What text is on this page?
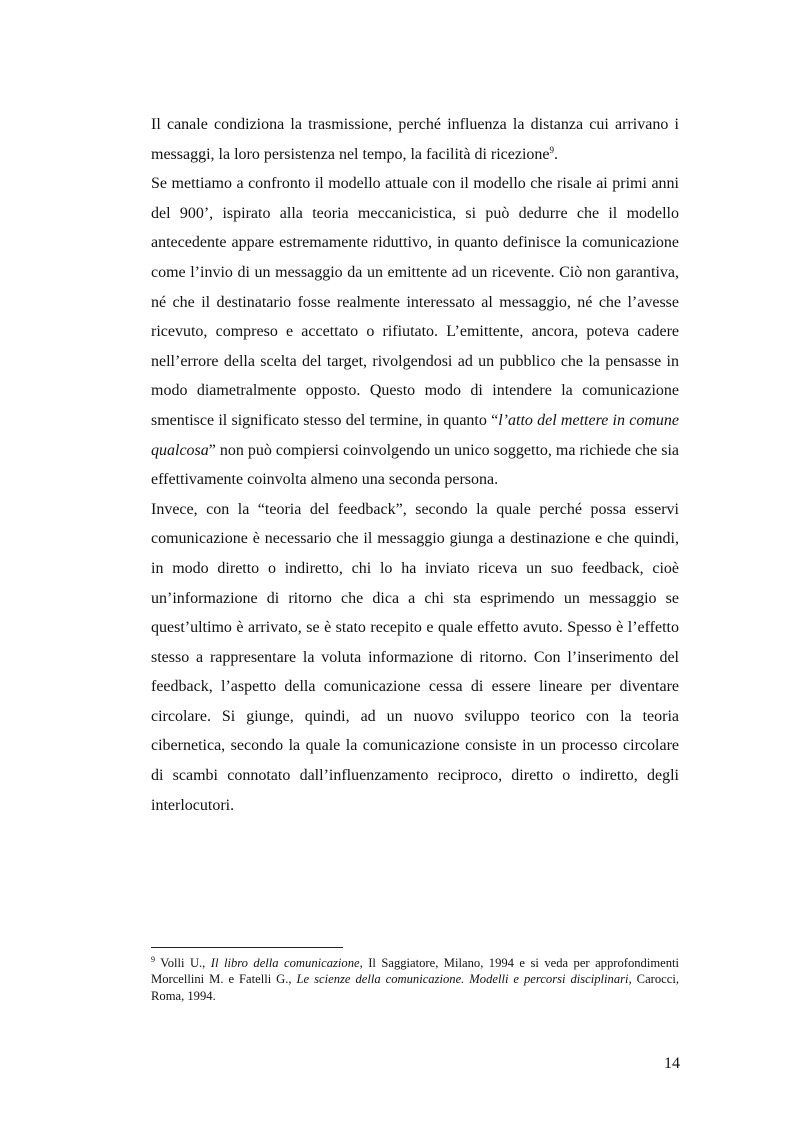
Il canale condiziona la trasmissione, perché influenza la distanza cui arrivano i messaggi, la loro persistenza nel tempo, la facilità di ricezione$^9$.

Se mettiamo a confronto il modello attuale con il modello che risale ai primi anni del 900’, ispirato alla teoria meccanicistica, si può dedurre che il modello antecedente appare estremamente riduttivo, in quanto definisce la comunicazione come l’invio di un messaggio da un emittente ad un ricevente. Ciò non garantiva, né che il destinatario fosse realmente interessato al messaggio, né che l’avesse ricevuto, compreso e accettato o rifiutato. L’emittente, ancora, poteva cadere nell’errore della scelta del target, rivolgendosi ad un pubblico che la pensasse in modo diametralmente opposto. Questo modo di intendere la comunicazione smentisce il significato stesso del termine, in quanto “l’atto del mettere in comune qualcosa” non può compiersi coinvolgendo un unico soggetto, ma richiede che sia effettivamente coinvolta almeno una seconda persona.

Invece, con la “teoria del feedback”, secondo la quale perché possa esservi comunicazione è necessario che il messaggio giunga a destinazione e che quindi, in modo diretto o indiretto, chi lo ha inviato riceva un suo feedback, cioè un’informazione di ritorno che dica a chi sta esprimendo un messaggio se quest’ultimo è arrivato, se è stato recepito e quale effetto avuto. Spesso è l’effetto stesso a rappresentare la voluta informazione di ritorno. Con l’inserimento del feedback, l’aspetto della comunicazione cessa di essere lineare per diventare circolare. Si giunge, quindi, ad un nuovo sviluppo teorico con la teoria cibernetica, secondo la quale la comunicazione consiste in un processo circolare di scambi connotato dall’influenzamento reciproco, diretto o indiretto, degli interlocutori.

$^9$ Volli U., Il libro della comunicazione, Il Saggiatore, Milano, 1994 e si veda per approfondimenti Morcellini M. e Fatelli G., Le scienze della comunicazione. Modelli e percorsi disciplinari, Carocci, Roma, 1994.

14
